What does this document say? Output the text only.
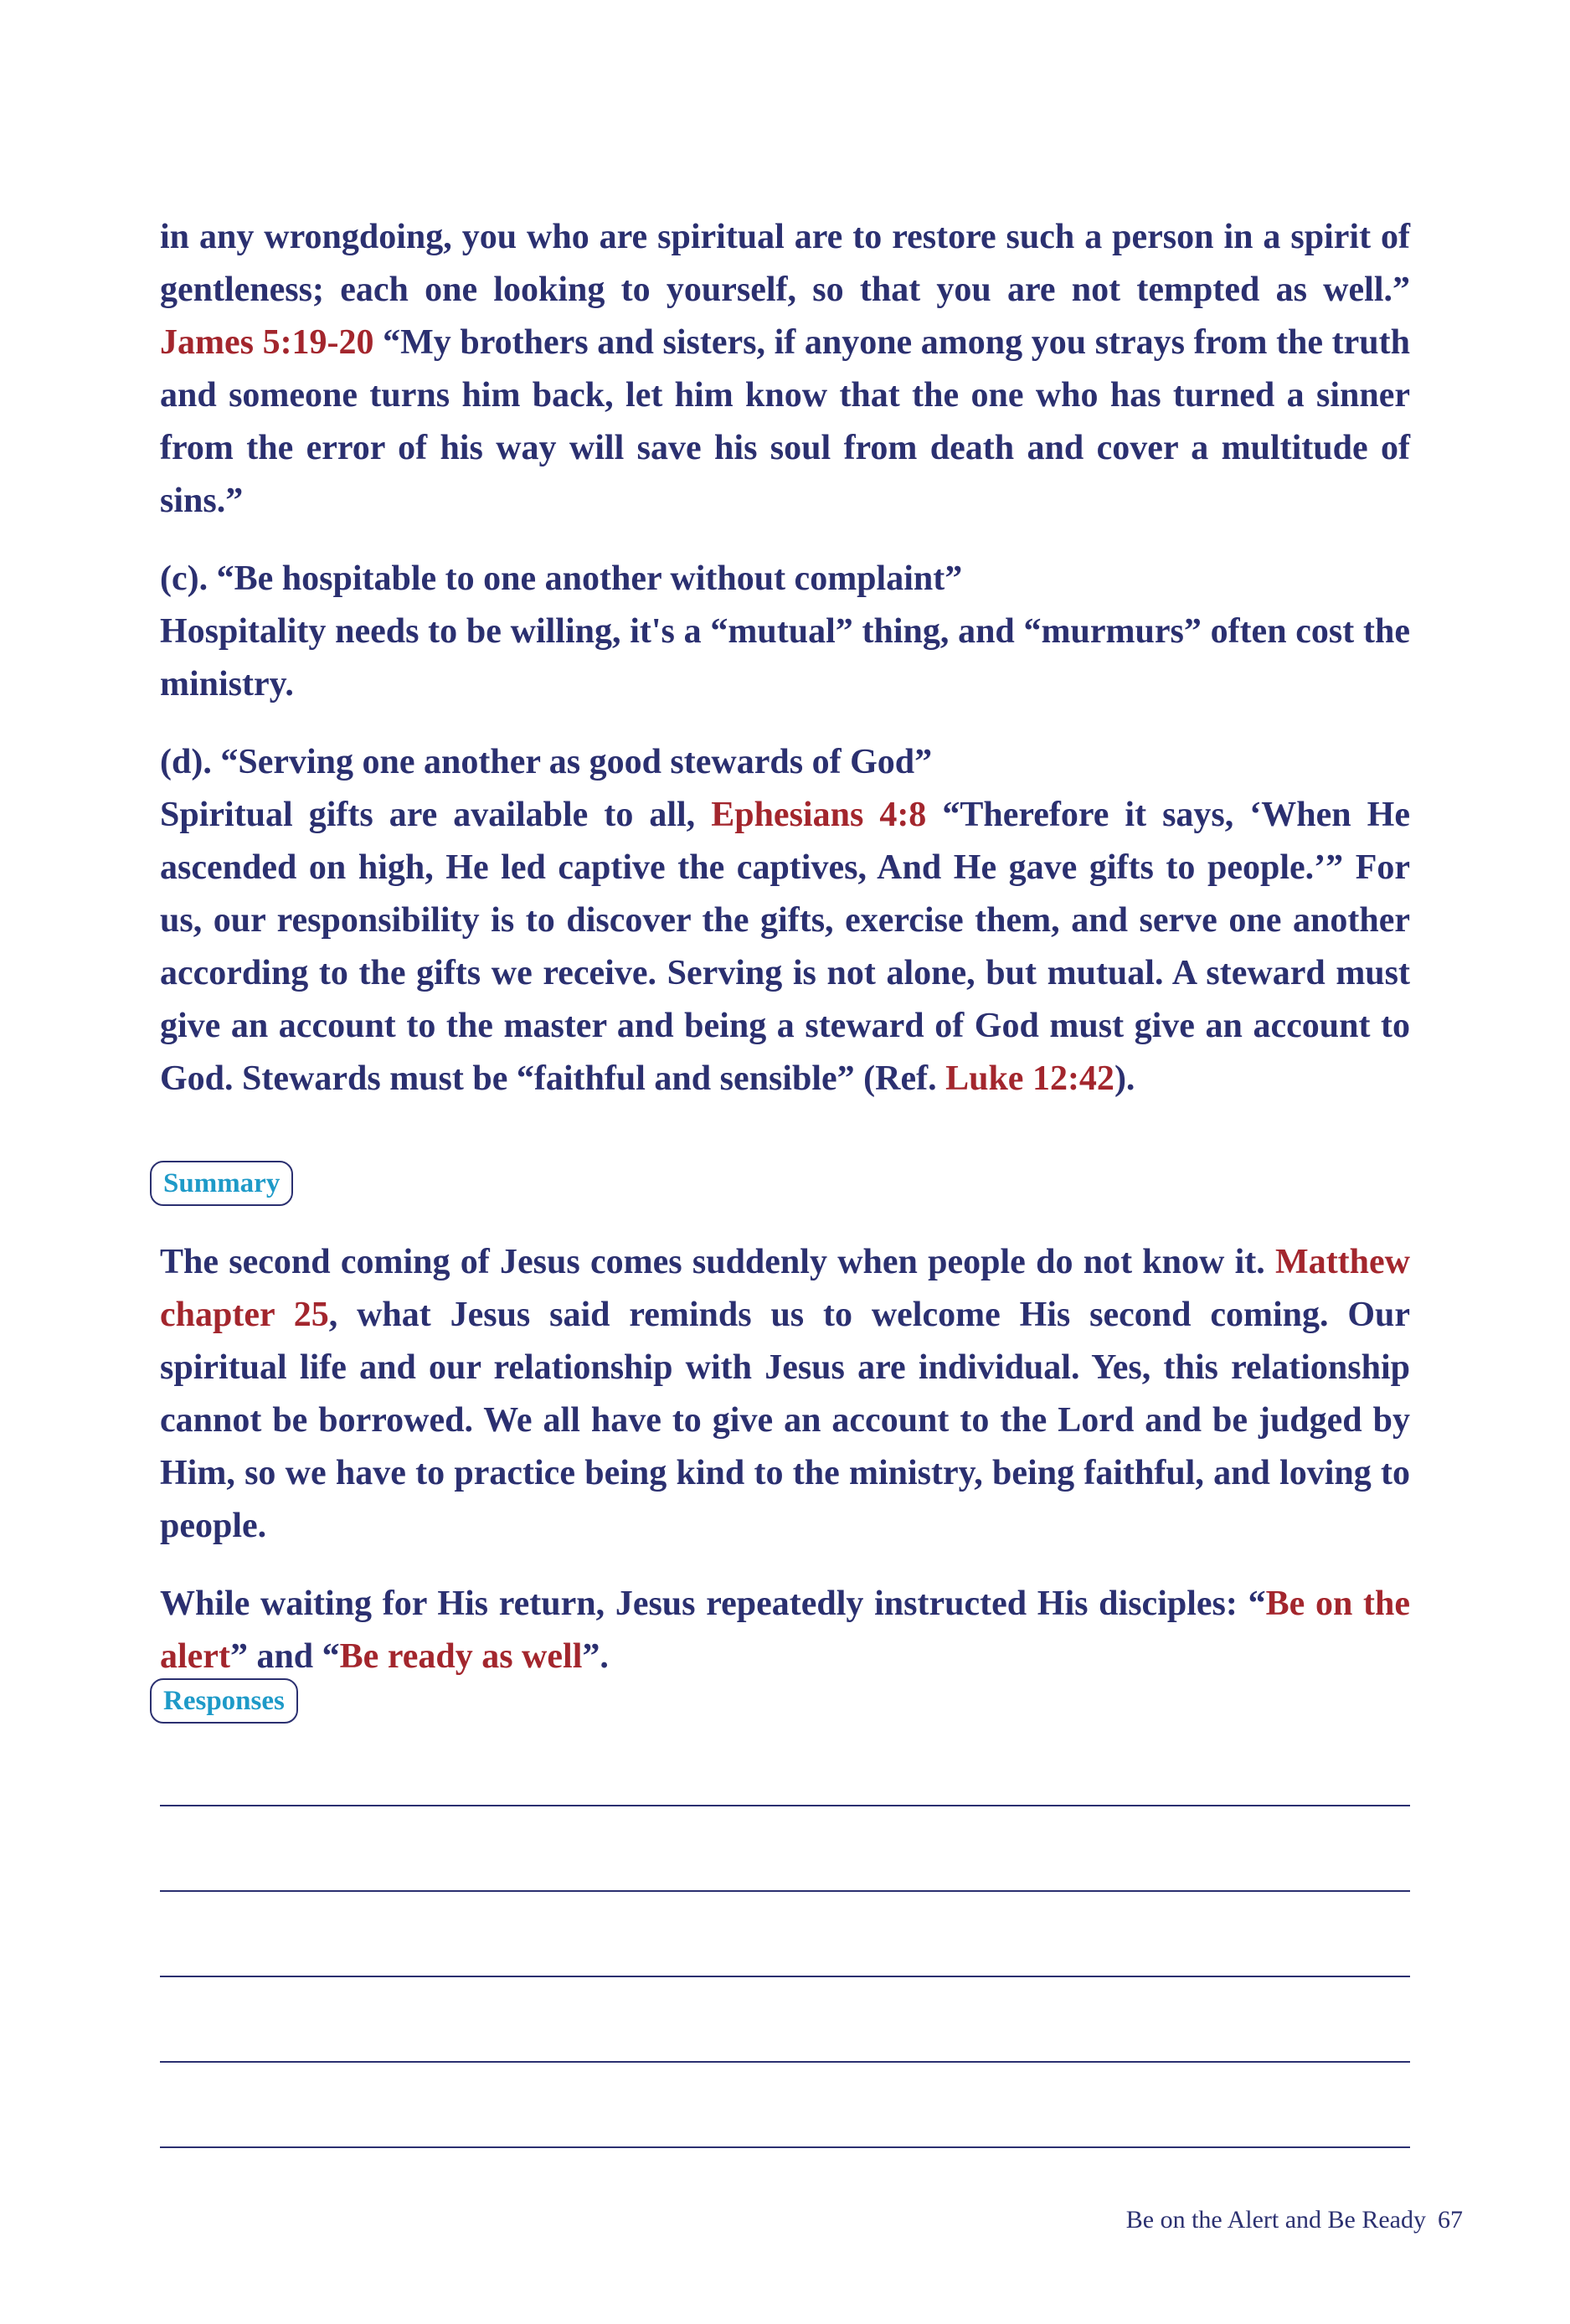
in any wrongdoing, you who are spiritual are to restore such a person in a spirit of gentleness; each one looking to yourself, so that you are not tempted as well.” James 5:19-20 “My brothers and sisters, if anyone among you strays from the truth and someone turns him back, let him know that the one who has turned a sinner from the error of his way will save his soul from death and cover a multitude of sins.”

(c). “Be hospitable to one another without complaint”
Hospitality needs to be willing, it's a “mutual” thing, and “murmurs” often cost the ministry.

(d). “Serving one another as good stewards of God”
Spiritual gifts are available to all, Ephesians 4:8 “Therefore it says, ‘When He ascended on high, He led captive the captives, And He gave gifts to people.’” For us, our responsibility is to discover the gifts, exercise them, and serve one another according to the gifts we receive. Serving is not alone, but mutual. A steward must give an account to the master and being a steward of God must give an account to God. Stewards must be “faithful and sensible” (Ref. Luke 12:42).

Summary

The second coming of Jesus comes suddenly when people do not know it. Matthew chapter 25, what Jesus said reminds us to welcome His second coming. Our spiritual life and our relationship with Jesus are individual. Yes, this relationship cannot be borrowed. We all have to give an account to the Lord and be judged by Him, so we have to practice being kind to the ministry, being faithful, and loving to people.

While waiting for His return, Jesus repeatedly instructed His disciples: “Be on the alert” and “Be ready as well”.

Responses
Be on the Alert and Be Ready 67
